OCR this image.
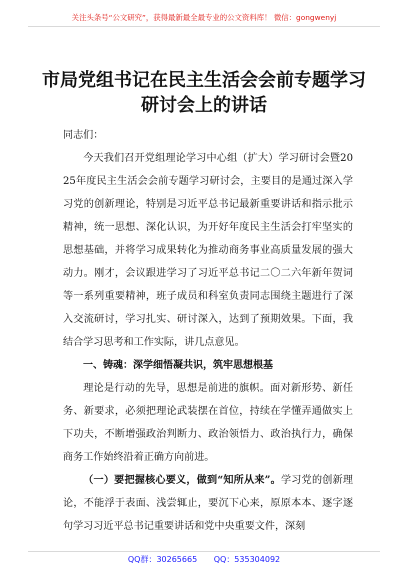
关注头条号“公文研究”，获得最新最全最专业的公文资料库！ 微信：gongwenyj
市局党组书记在民主生活会会前专题学习研讨会上的讲话

同志们：

今天我们召开党组理论学习中心组（扩大）学习研讨会暨2025年度民主生活会会前专题学习研讨会，主要目的是通过深入学习党的创新理论，特别是习近平总书记最新重要讲话和指示批示精神，统一思想、深化认识，为开好年度民主生活会打牢坚实的思想基础，并将学习成果转化为推动商务事业高质量发展的强大动力。刚才，会议跟进学习了习近平总书记二〇二六年新年贺词等一系列重要精神，班子成员和科室负责同志围绕主题进行了深入交流研讨，学习扎实、研讨深入，达到了预期效果。下面，我结合学习思考和工作实际，讲几点意见。

一、铸魂：深学细悟凝共识，筑牢思想根基

理论是行动的先导，思想是前进的旗帜。面对新形势、新任务、新要求，必须把理论武装摆在首位，持续在学懂弄通做实上下功夫，不断增强政治判断力、政治领悟力、政治执行力，确保商务工作始终沿着正确方向前进。

（一）要把握核心要义，做到“知所从来”。学习党的创新理论，不能浮于表面、浅尝辄止，要沉下心来，原原本本、逐字逐句学习习近平总书记重要讲话和党中央重要文件，深刻

QQ群：30265665 QQ：535304092
